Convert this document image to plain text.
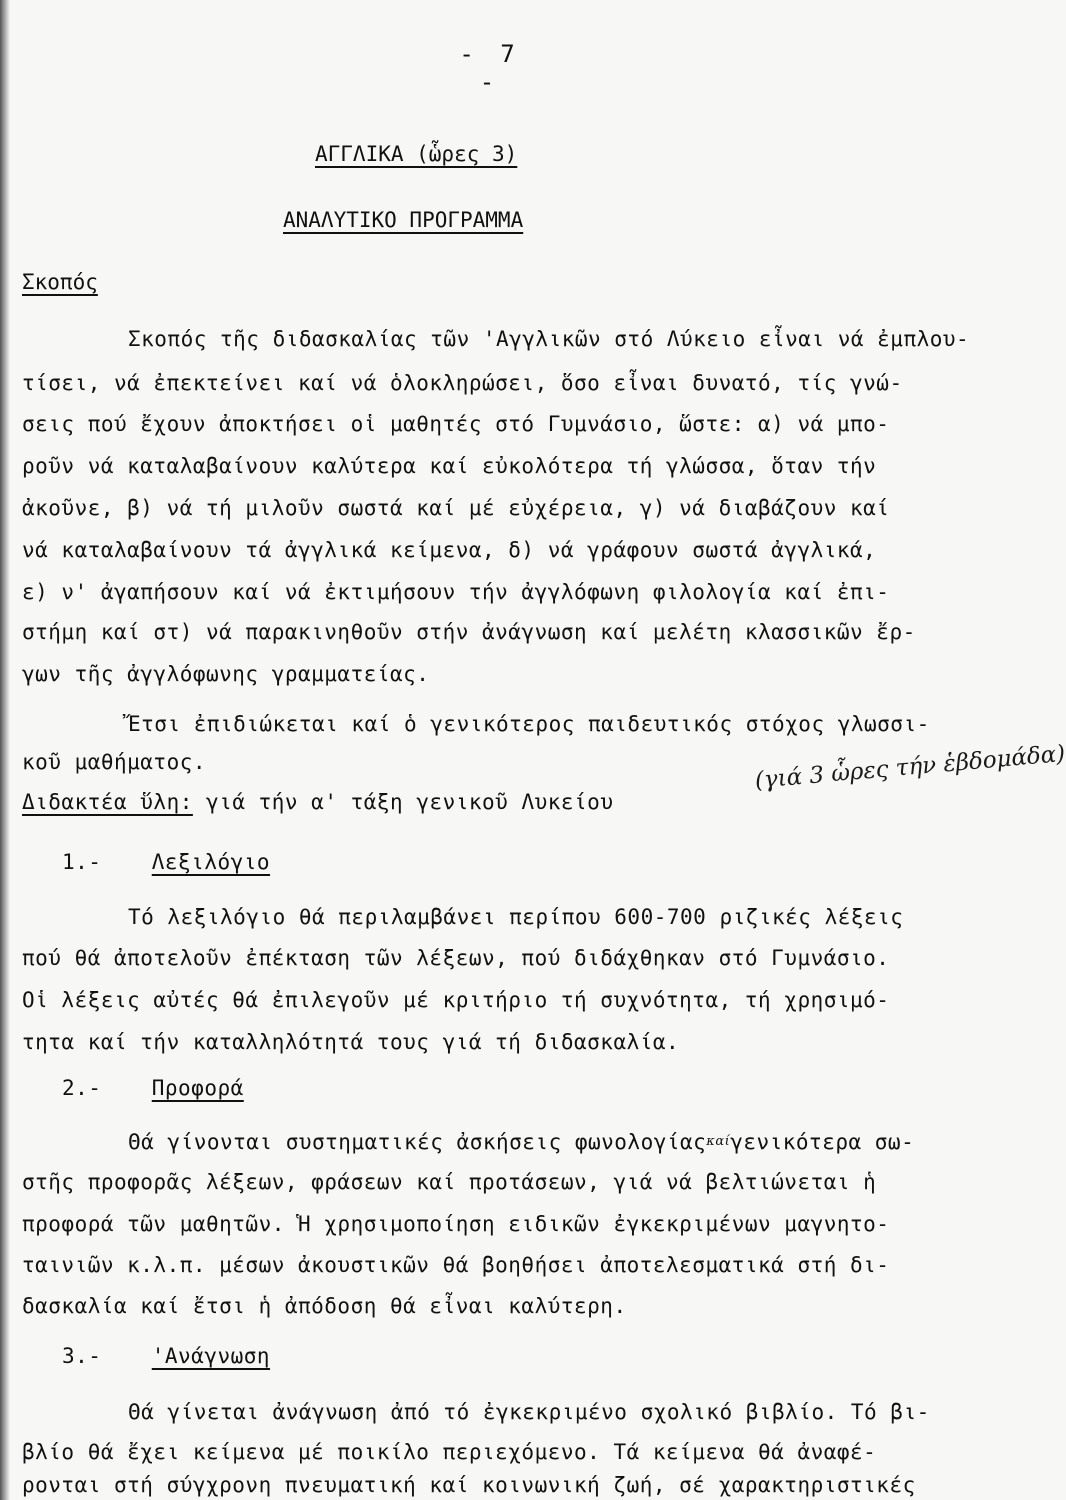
- 7 -
ΑΓΓΛΙΚΑ (ὧρες 3)
ΑΝΑΛΥΤΙΚΟ ΠΡΟΓΡΑΜΜΑ
Σκοπός
Σκοπός τῆς διδασκαλίας τῶν 'Αγγλικῶν στό Λύκειο εἶναι νά ἐμπλου-
τίσει, νά ἐπεκτείνει καί νά ὁλοκληρώσει, ὅσο εἶναι δυνατό, τίς γνώ-
σεις πού ἔχουν ἀποκτήσει οἱ μαθητές στό Γυμνάσιο, ὥστε: α) νά μπο-
ροῦν νά καταλαβαίνουν καλύτερα καί εὐκολότερα τή γλώσσα, ὅταν τήν
ἀκοῦνε, β) νά τή μιλοῦν σωστά καί μέ εὐχέρεια, γ) νά διαβάζουν καί
νά καταλαβαίνουν τά ἀγγλικά κείμενα, δ) νά γράφουν σωστά ἀγγλικά,
ε) ν' ἀγαπήσουν καί νά ἐκτιμήσουν τήν ἀγγλόφωνη φιλολογία καί ἐπι-
στήμη καί στ) νά παρακινηθοῦν στήν ἀνάγνωση καί μελέτη κλασσικῶν ἔρ-
γων τῆς ἀγγλόφωνης γραμματείας.
Ἔτσι ἐπιδιώκεται καί ὁ γενικότερος παιδευτικός στόχος γλωσσι-
κοῦ μαθήματος.
Διδακτέα ὕλη: γιά τήν α' τάξη γενικοῦ Λυκείου
(γιά 3 ὧρες τήν ἑβδομάδα)
1.- Λεξιλόγιο
Τό λεξιλόγιο θά περιλαμβάνει περίπου 600-700 ριζικές λέξεις
πού θά ἀποτελοῦν ἐπέκταση τῶν λέξεων, πού διδάχθηκαν στό Γυμνάσιο.
Οἱ λέξεις αὐτές θά ἐπιλεγοῦν μέ κριτήριο τή συχνότητα, τή χρησιμό-
τητα καί τήν καταλληλότητά τους γιά τή διδασκαλία.
2.- Προφορά
Θά γίνονται συστηματικές ἀσκήσεις φωνολογίαςκαίγενικότερα σω-
στῆς προφορᾶς λέξεων, φράσεων καί προτάσεων, γιά νά βελτιώνεται ἡ
προφορά τῶν μαθητῶν. Ἡ χρησιμοποίηση ειδικῶν ἐγκεκριμένων μαγνητο-
ταινιῶν κ.λ.π. μέσων ἀκουστικῶν θά βοηθήσει ἀποτελεσματικά στή δι-
δασκαλία καί ἔτσι ἡ ἀπόδοση θά εἶναι καλύτερη.
3.- 'Ανάγνωση
Θά γίνεται ἀνάγνωση ἀπό τό ἐγκεκριμένο σχολικό βιβλίο. Τό βι-
βλίο θά ἔχει κείμενα μέ ποικίλο περιεχόμενο. Τά κείμενα θά ἀναφέ-
ρονται στή σύγχρονη πνευματική καί κοινωνική ζωή, σέ χαρακτηριστικές
